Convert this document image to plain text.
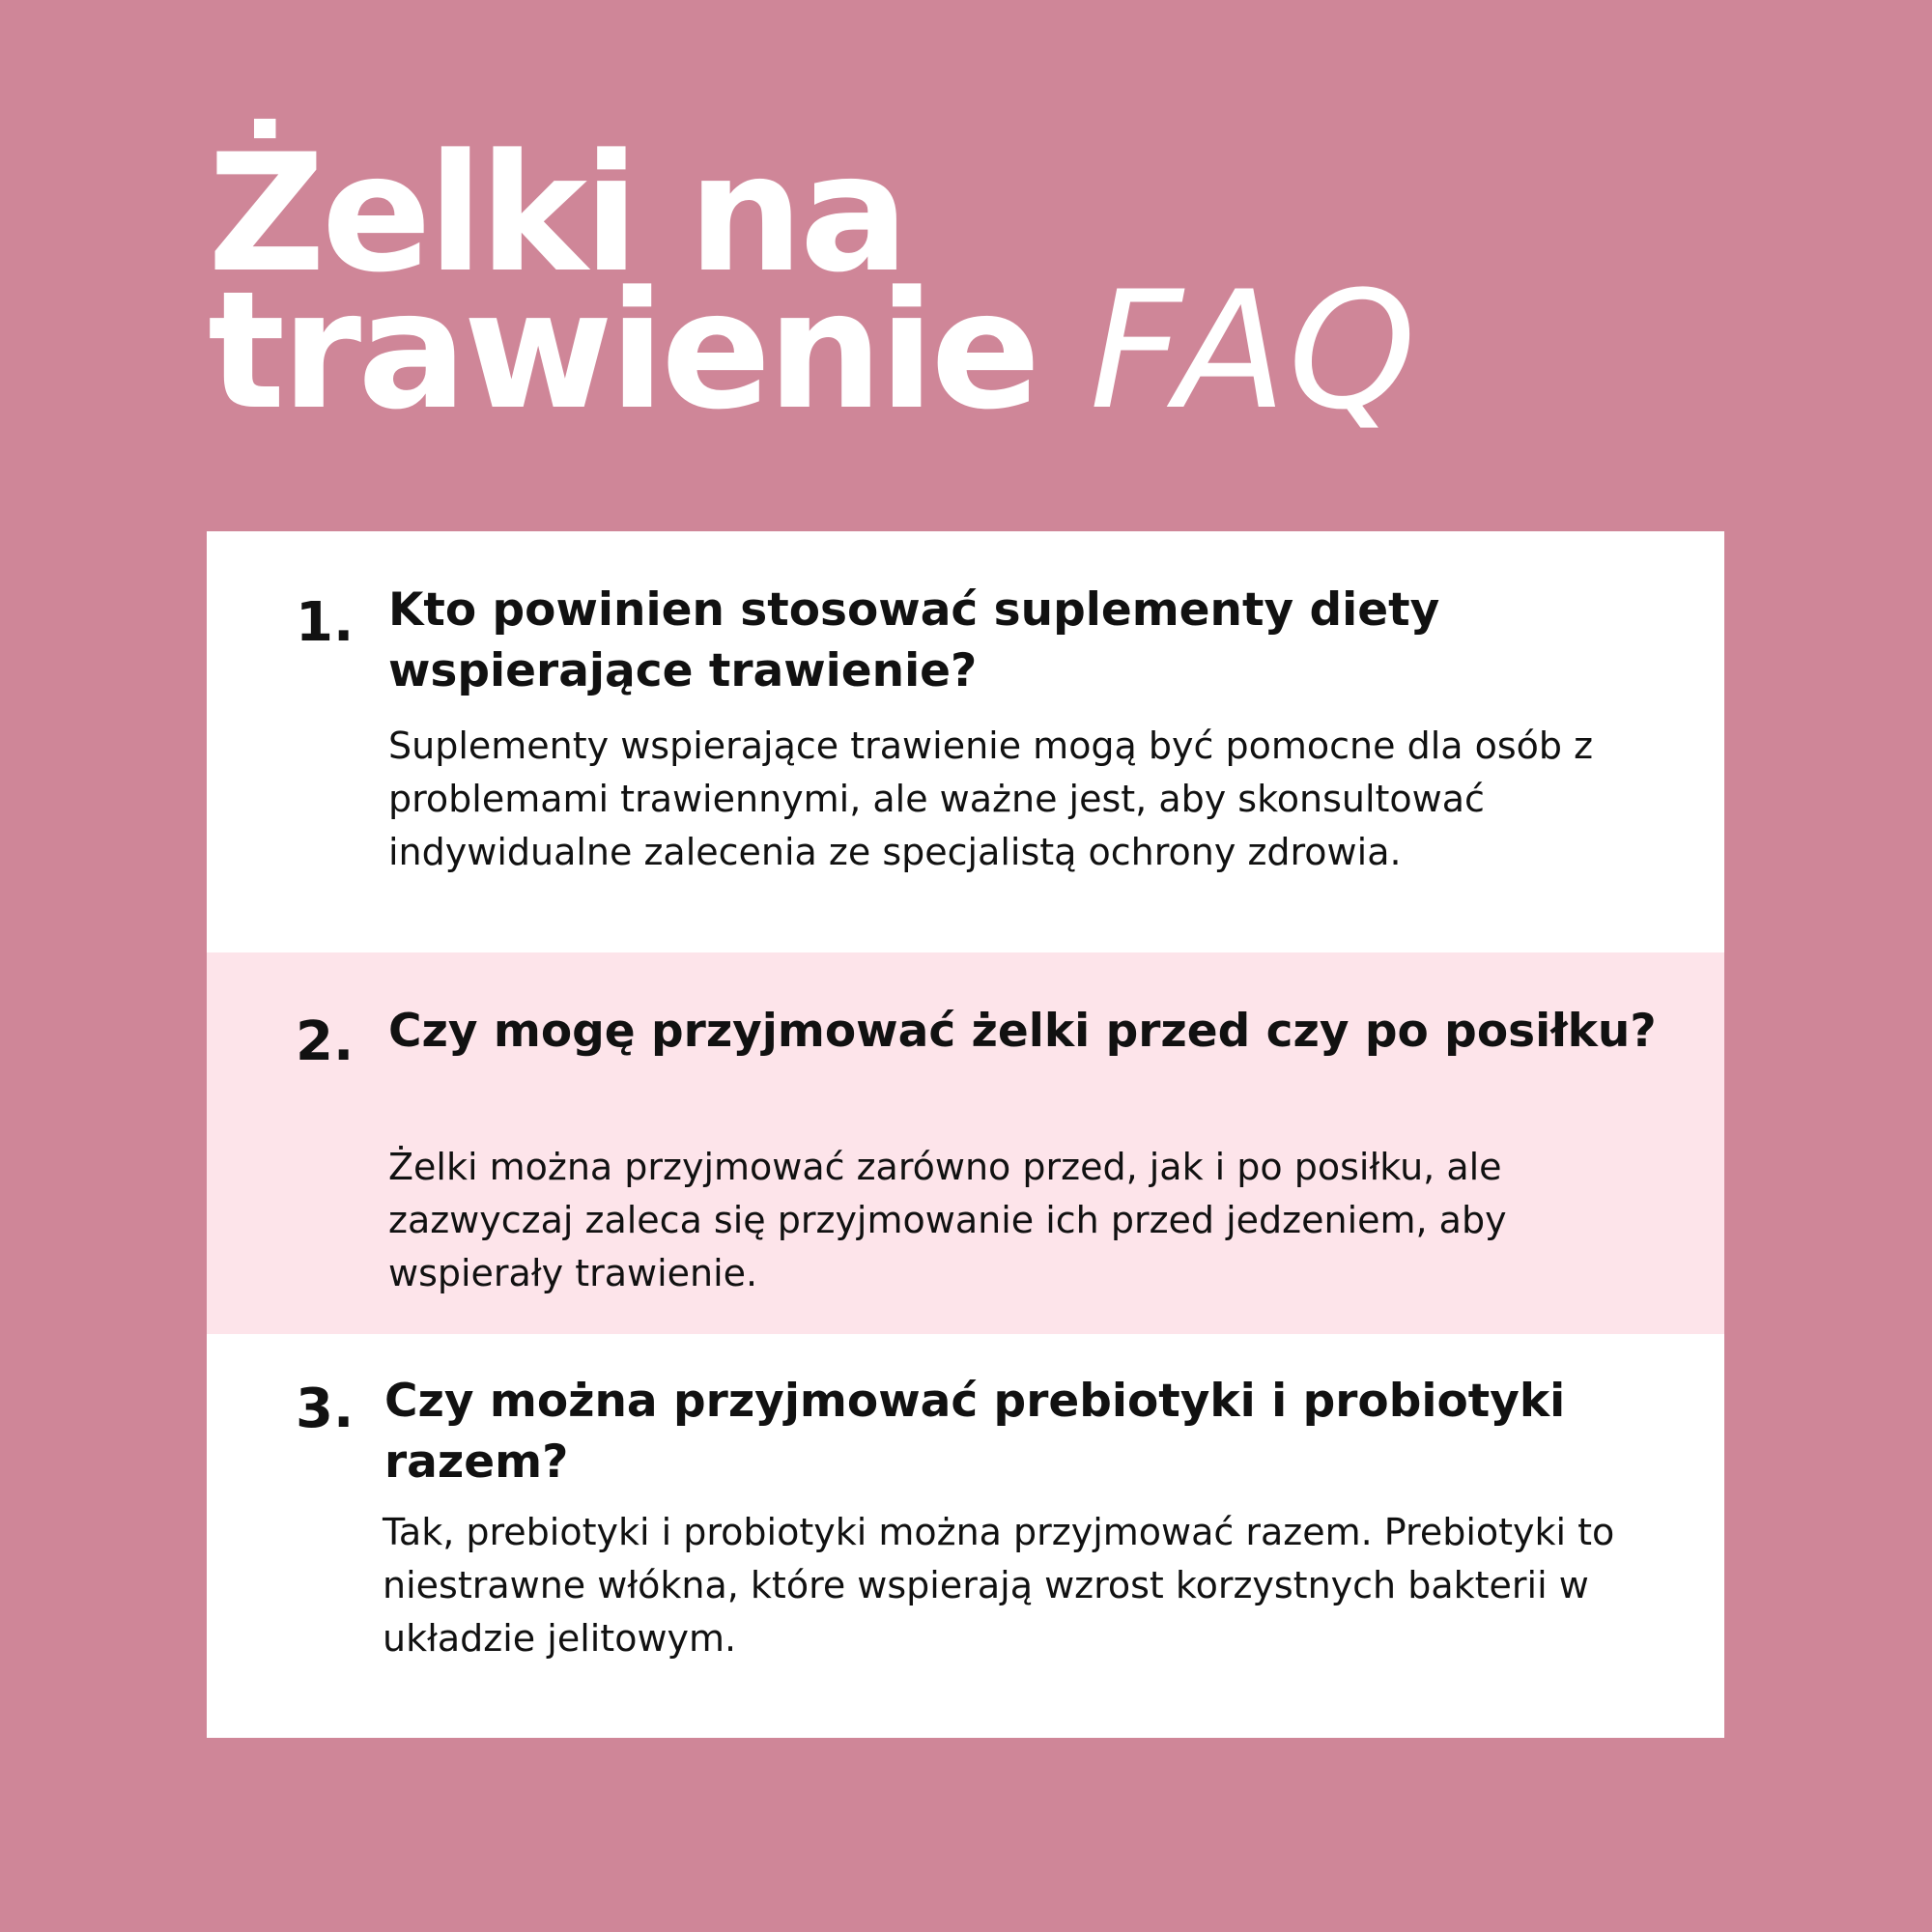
Żelki na
trawienie FAQ
1. Kto powinien stosować suplementy diety wspierające trawienie?

Suplementy wspierające trawienie mogą być pomocne dla osób z problemami trawiennymi, ale ważne jest, aby skonsultować indywidualne zalecenia ze specjalistą ochrony zdrowia.

2. Czy mogę przyjmować żelki przed czy po posiłku?

Żelki można przyjmować zarówno przed, jak i po posiłku, ale zazwyczaj zaleca się przyjmowanie ich przed jedzeniem, aby wspierały trawienie.

3. Czy można przyjmować prebiotyki i probiotyki razem?

Tak, prebiotyki i probiotyki można przyjmować razem. Prebiotyki to niestrawne włókna, które wspierają wzrost korzystnych bakterii w układzie jelitowym.
